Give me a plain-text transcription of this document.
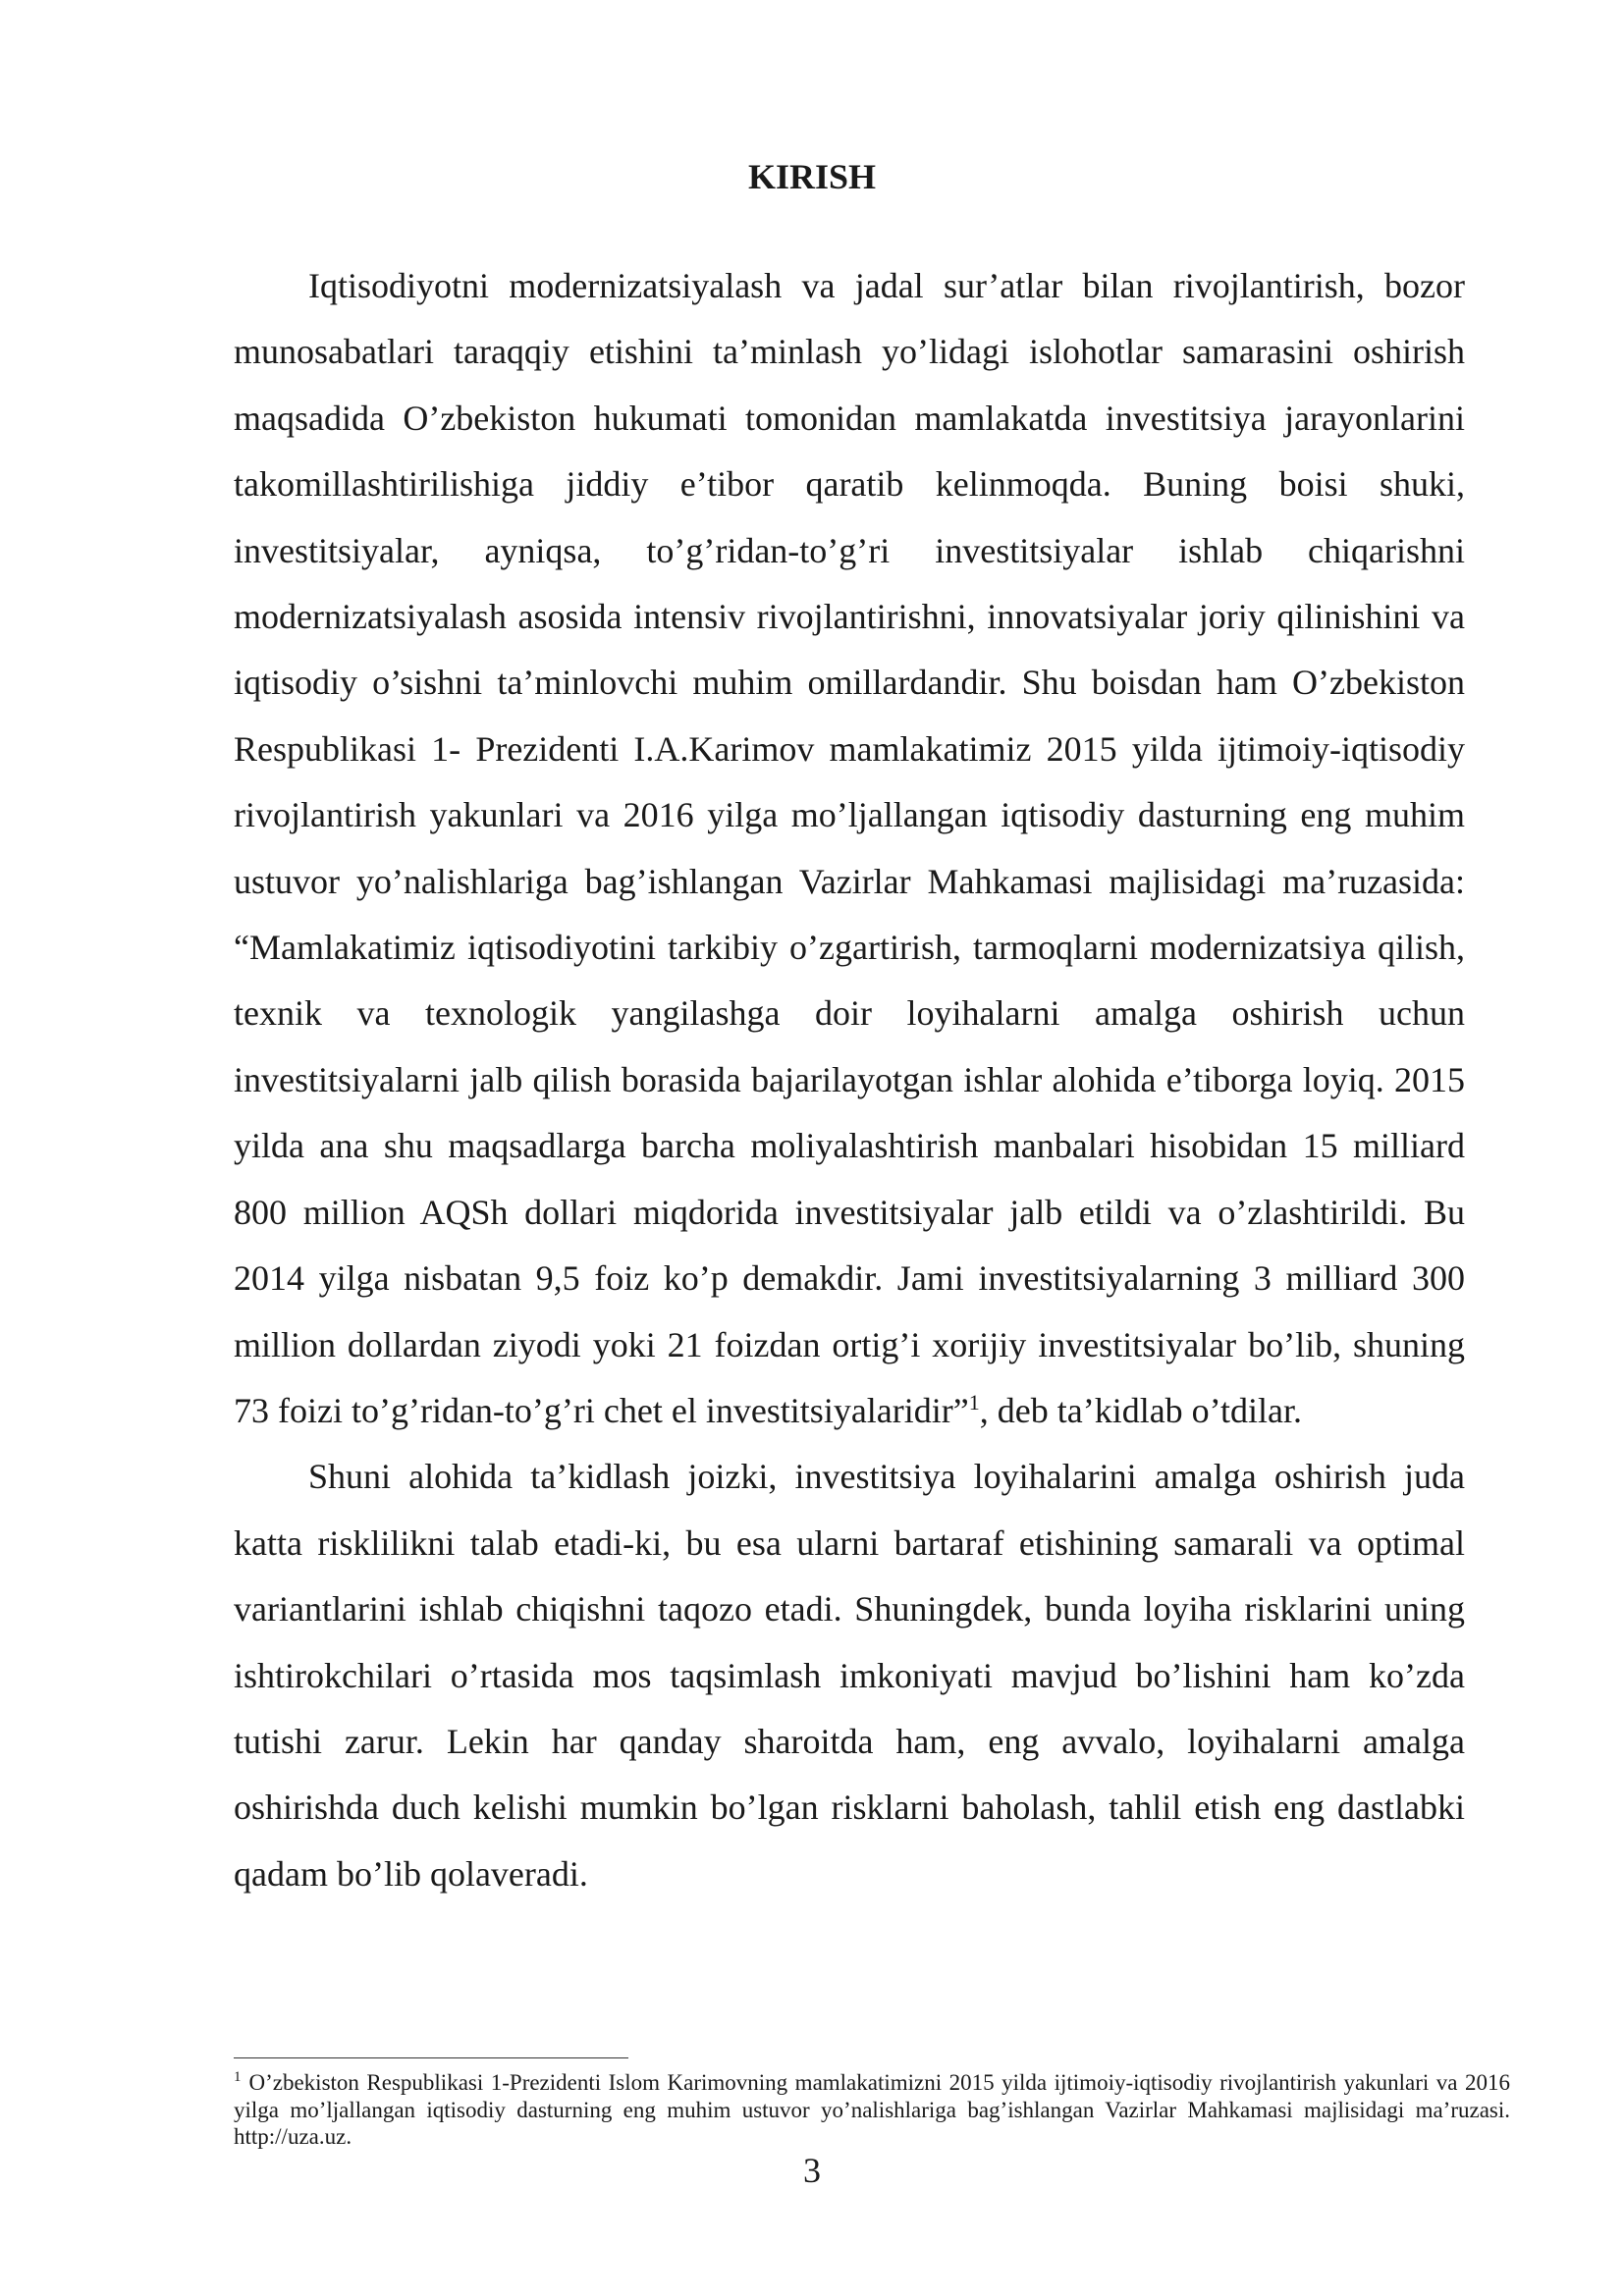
KIRISH

Iqtisodiyotni modernizatsiyalash va jadal sur’atlar bilan rivojlantirish, bozor munosabatlari taraqqiy etishini ta’minlash yo’lidagi islohotlar samarasini oshirish maqsadida O’zbekiston hukumati tomonidan mamlakatda investitsiya jarayonlarini takomillashtirilishiga jiddiy e’tibor qaratib kelinmoqda. Buning boisi shuki, investitsiyalar, ayniqsa, to’g’ridan-to’g’ri investitsiyalar ishlab chiqarishni modernizatsiyalash asosida intensiv rivojlantirishni, innovatsiyalar joriy qilinishini va iqtisodiy o’sishni ta’minlovchi muhim omillardandir. Shu boisdan ham O’zbekiston Respublikasi 1- Prezidenti I.A.Karimov mamlakatimiz 2015 yilda ijtimoiy-iqtisodiy rivojlantirish yakunlari va 2016 yilga mo’ljallangan iqtisodiy dasturning eng muhim ustuvor yo’nalishlariga bag’ishlangan Vazirlar Mahkamasi majlisidagi ma’ruzasida: “Mamlakatimiz iqtisodiyotini tarkibiy o’zgartirish, tarmoqlarni modernizatsiya qilish, texnik va texnologik yangilashga doir loyihalarni amalga oshirish uchun investitsiyalarni jalb qilish borasida bajarilayotgan ishlar alohida e’tiborga loyiq. 2015 yilda ana shu maqsadlarga barcha moliyalashtirish manbalari hisobidan 15 milliard 800 million AQSh dollari miqdorida investitsiyalar jalb etildi va o’zlashtirildi. Bu 2014 yilga nisbatan 9,5 foiz ko’p demakdir. Jami investitsiyalarning 3 milliard 300 million dollardan ziyodi yoki 21 foizdan ortig’i xorijiy investitsiyalar bo’lib, shuning 73 foizi to’g’ridan-to’g’ri chet el investitsiyalaridir”$^1$, deb ta’kidlab o’tdilar.

Shuni alohida ta’kidlash joizki, investitsiya loyihalarini amalga oshirish juda katta risklilikni talab etadi-ki, bu esa ularni bartaraf etishining samarali va optimal variantlarini ishlab chiqishni taqozo etadi. Shuningdek, bunda loyiha risklarini uning ishtirokchilari o’rtasida mos taqsimlash imkoniyati mavjud bo’lishini ham ko’zda tutishi zarur. Lekin har qanday sharoitda ham, eng avvalo, loyihalarni amalga oshirishda duch kelishi mumkin bo’lgan risklarni baholash, tahlil etish eng dastlabki qadam bo’lib qolaveradi.

$^1$ O’zbekiston Respublikasi 1-Prezidenti Islom Karimovning mamlakatimizni 2015 yilda ijtimoiy-iqtisodiy rivojlantirish yakunlari va 2016 yilga mo’ljallangan iqtisodiy dasturning eng muhim ustuvor yo’nalishlariga bag’ishlangan Vazirlar Mahkamasi majlisidagi ma’ruzasi. http://uza.uz.

3
